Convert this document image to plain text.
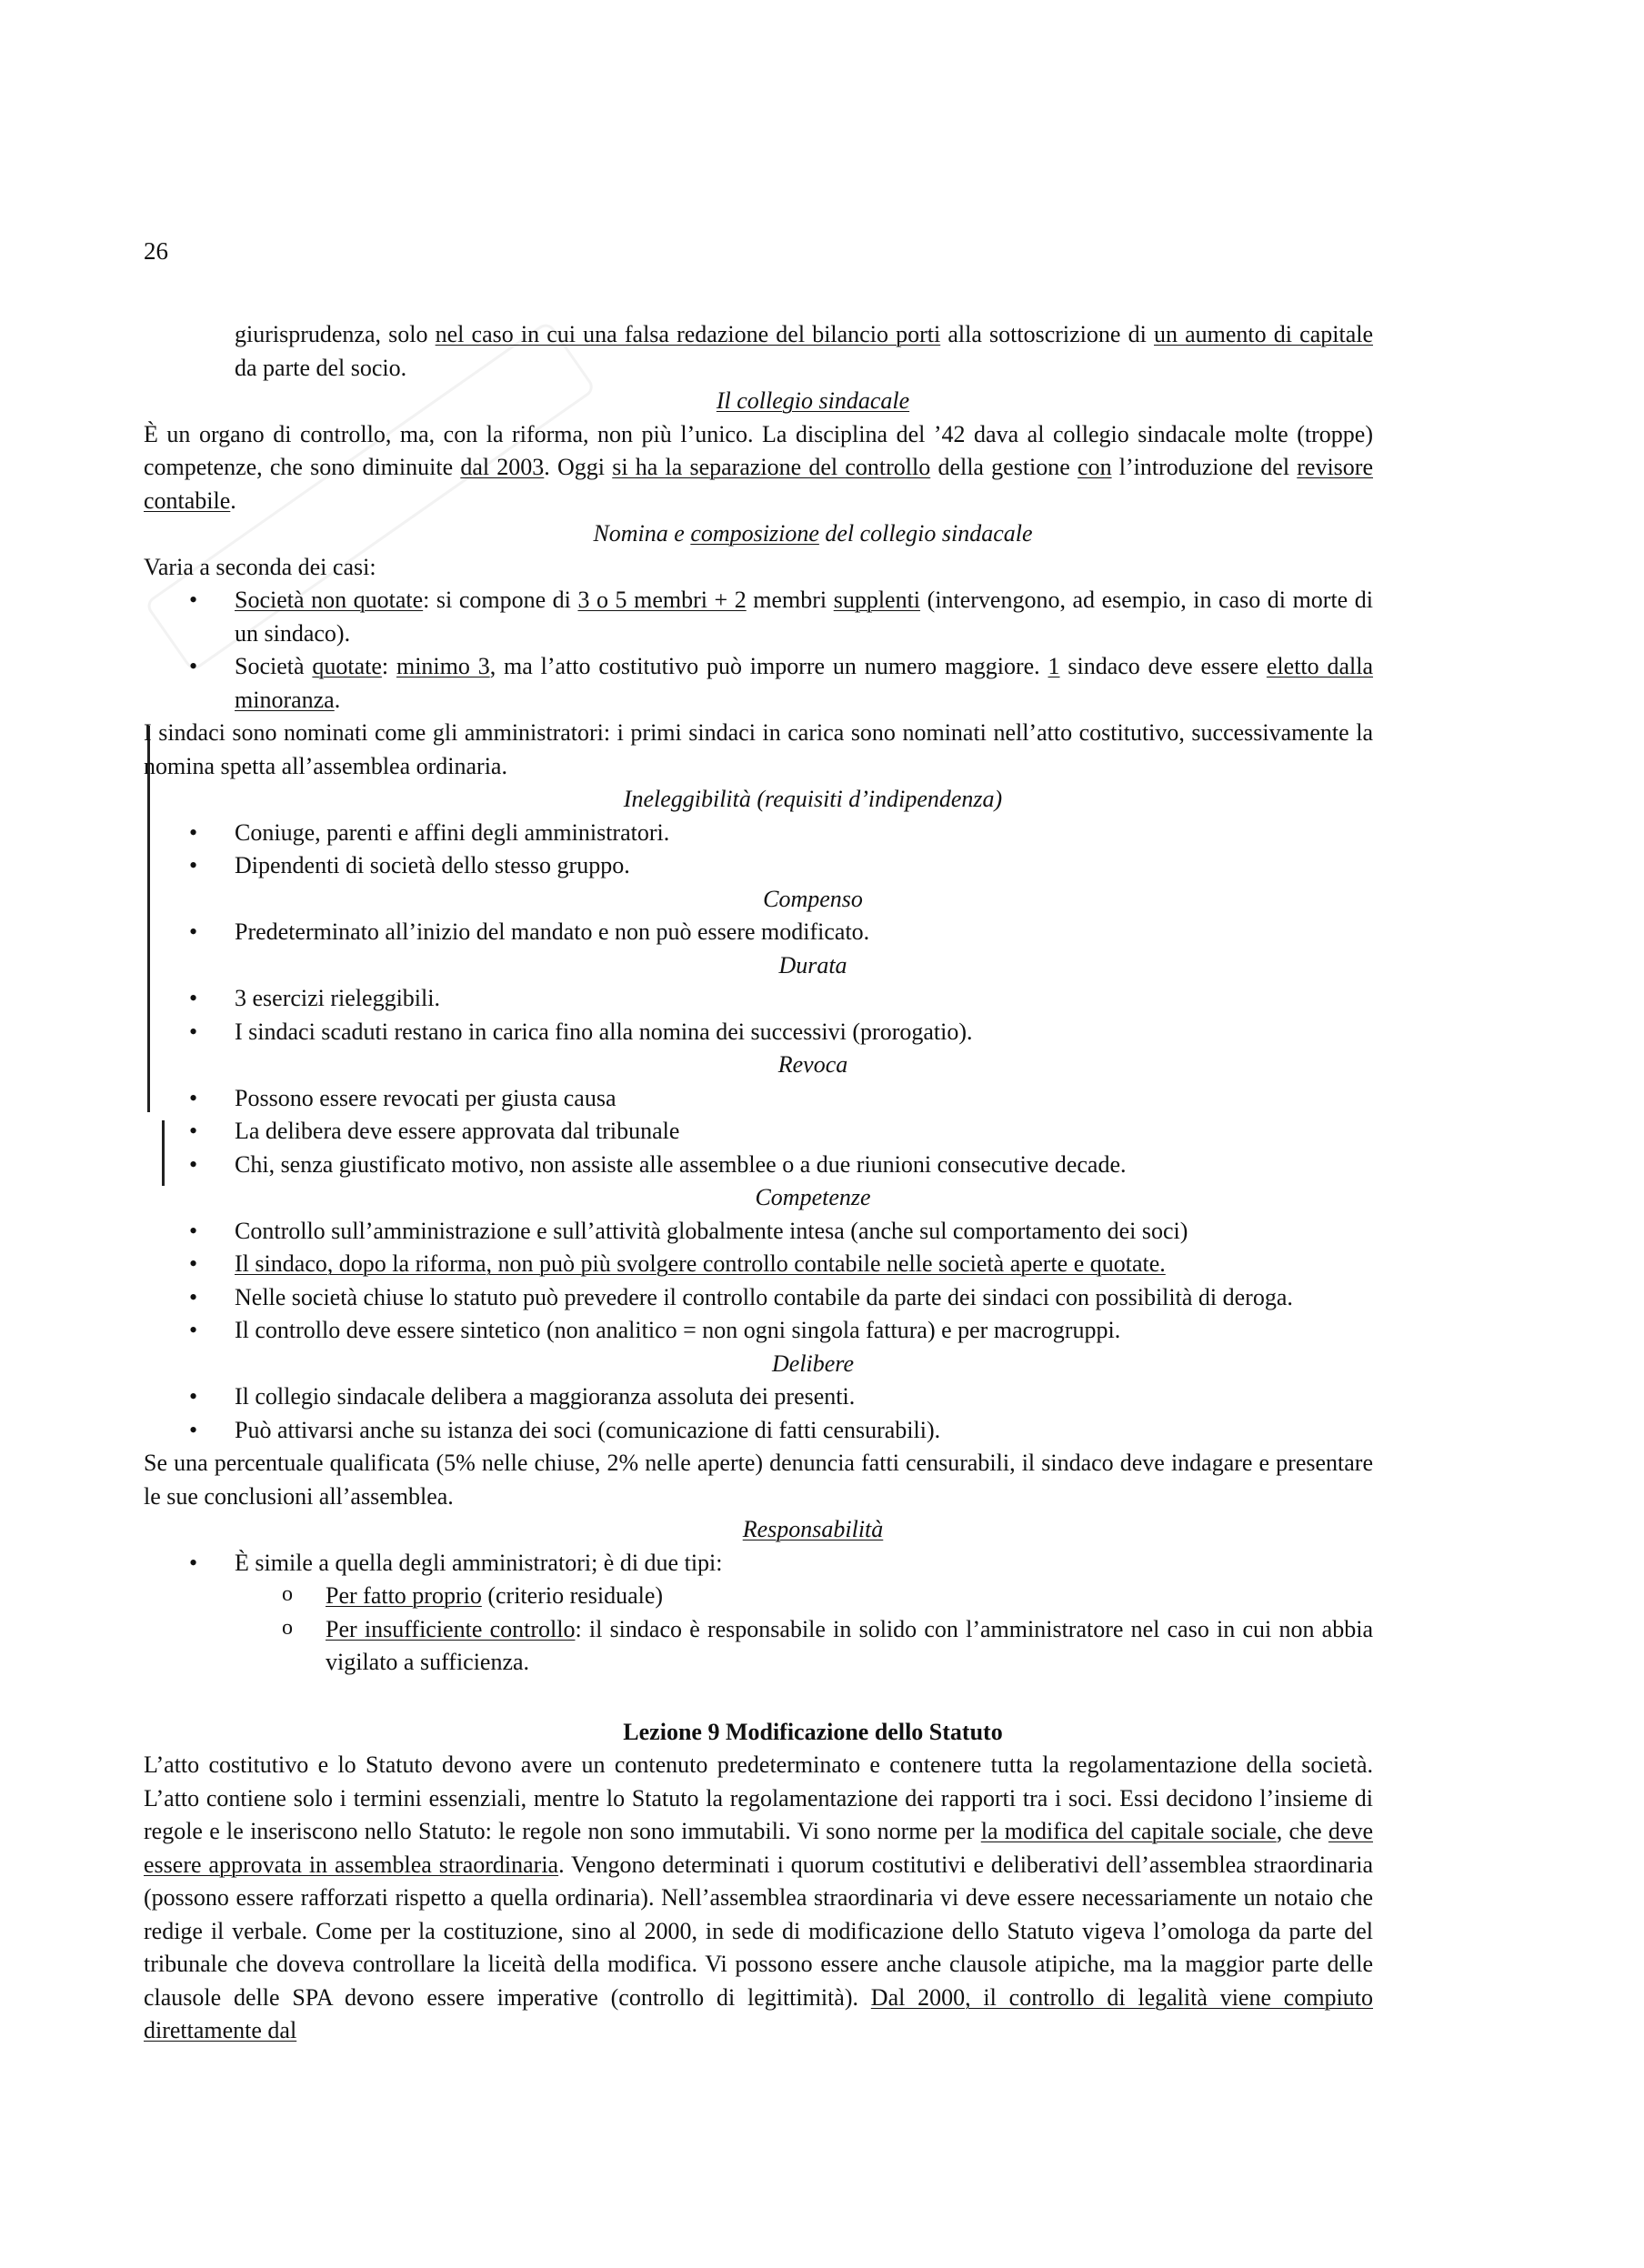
26

giurisprudenza, solo nel caso in cui una falsa redazione del bilancio porti alla sottoscrizione di un aumento di capitale da parte del socio.

Il collegio sindacale

È un organo di controllo, ma, con la riforma, non più l’unico. La disciplina del ’42 dava al collegio sindacale molte (troppe) competenze, che sono diminuite dal 2003. Oggi si ha la separazione del controllo della gestione con l’introduzione del revisore contabile.

Nomina e composizione del collegio sindacale

Varia a seconda dei casi:

• Società non quotate: si compone di 3 o 5 membri + 2 membri supplenti (intervengono, ad esempio, in caso di morte di un sindaco).
• Società quotate: minimo 3, ma l’atto costitutivo può imporre un numero maggiore. 1 sindaco deve essere eletto dalla minoranza.

I sindaci sono nominati come gli amministratori: i primi sindaci in carica sono nominati nell’atto costitutivo, successivamente la nomina spetta all’assemblea ordinaria.

Ineleggibilità (requisiti d’indipendenza)

• Coniuge, parenti e affini degli amministratori.
• Dipendenti di società dello stesso gruppo.

Compenso

• Predeterminato all’inizio del mandato e non può essere modificato.

Durata

• 3 esercizi rieleggibili.
• I sindaci scaduti restano in carica fino alla nomina dei successivi (prorogatio).

Revoca

• Possono essere revocati per giusta causa
• La delibera deve essere approvata dal tribunale
• Chi, senza giustificato motivo, non assiste alle assemblee o a due riunioni consecutive decade.

Competenze

• Controllo sull’amministrazione e sull’attività globalmente intesa (anche sul comportamento dei soci)
• Il sindaco, dopo la riforma, non può più svolgere controllo contabile nelle società aperte e quotate.
• Nelle società chiuse lo statuto può prevedere il controllo contabile da parte dei sindaci con possibilità di deroga.
• Il controllo deve essere sintetico (non analitico = non ogni singola fattura) e per macrogruppi.

Delibere

• Il collegio sindacale delibera a maggioranza assoluta dei presenti.
• Può attivarsi anche su istanza dei soci (comunicazione di fatti censurabili).

Se una percentuale qualificata (5% nelle chiuse, 2% nelle aperte) denuncia fatti censurabili, il sindaco deve indagare e presentare le sue conclusioni all’assemblea.

Responsabilità

• È simile a quella degli amministratori; è di due tipi:
o Per fatto proprio (criterio residuale)
o Per insufficiente controllo: il sindaco è responsabile in solido con l’amministratore nel caso in cui non abbia vigilato a sufficienza.

Lezione 9 Modificazione dello Statuto

L’atto costitutivo e lo Statuto devono avere un contenuto predeterminato e contenere tutta la regolamentazione della società. L’atto contiene solo i termini essenziali, mentre lo Statuto la regolamentazione dei rapporti tra i soci. Essi decidono l’insieme di regole e le inseriscono nello Statuto: le regole non sono immutabili. Vi sono norme per la modifica del capitale sociale, che deve essere approvata in assemblea straordinaria. Vengono determinati i quorum costitutivi e deliberativi dell’assemblea straordinaria (possono essere rafforzati rispetto a quella ordinaria). Nell’assemblea straordinaria vi deve essere necessariamente un notaio che redige il verbale. Come per la costituzione, sino al 2000, in sede di modificazione dello Statuto vigeva l’omologa da parte del tribunale che doveva controllare la liceità della modifica. Vi possono essere anche clausole atipiche, ma la maggior parte delle clausole delle SPA devono essere imperative (controllo di legittimità). Dal 2000, il controllo di legalità viene compiuto direttamente dal
